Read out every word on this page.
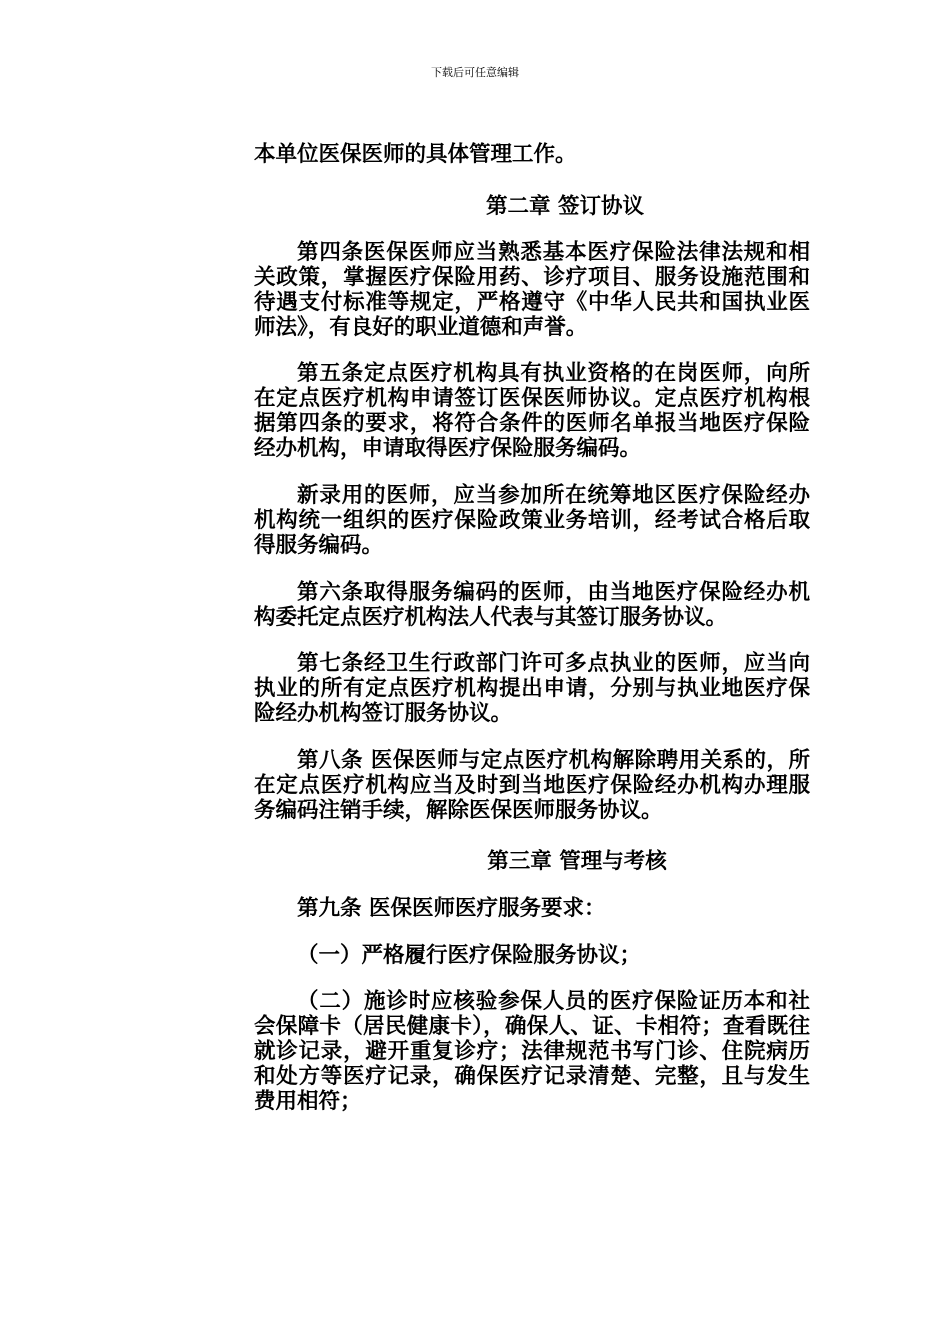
下载后可任意编辑

本单位医保医师的具体管理工作。

第二章 签订协议

第四条医保医师应当熟悉基本医疗保险法律法规和相关政策，掌握医疗保险用药、诊疗项目、服务设施范围和待遇支付标准等规定，严格遵守《中华人民共和国执业医师法》，有良好的职业道德和声誉。

第五条定点医疗机构具有执业资格的在岗医师，向所在定点医疗机构申请签订医保医师协议。定点医疗机构根据第四条的要求，将符合条件的医师名单报当地医疗保险经办机构，申请取得医疗保险服务编码。

新录用的医师，应当参加所在统筹地区医疗保险经办机构统一组织的医疗保险政策业务培训，经考试合格后取得服务编码。

第六条取得服务编码的医师，由当地医疗保险经办机构委托定点医疗机构法人代表与其签订服务协议。

第七条经卫生行政部门许可多点执业的医师，应当向执业的所有定点医疗机构提出申请，分别与执业地医疗保险经办机构签订服务协议。

第八条 医保医师与定点医疗机构解除聘用关系的，所在定点医疗机构应当及时到当地医疗保险经办机构办理服务编码注销手续，解除医保医师服务协议。

第三章 管理与考核

第九条 医保医师医疗服务要求：

（一）严格履行医疗保险服务协议；

（二）施诊时应核验参保人员的医疗保险证历本和社会保障卡（居民健康卡），确保人、证、卡相符；查看既往就诊记录，避开重复诊疗；法律规范书写门诊、住院病历和处方等医疗记录，确保医疗记录清楚、完整，且与发生费用相符；
